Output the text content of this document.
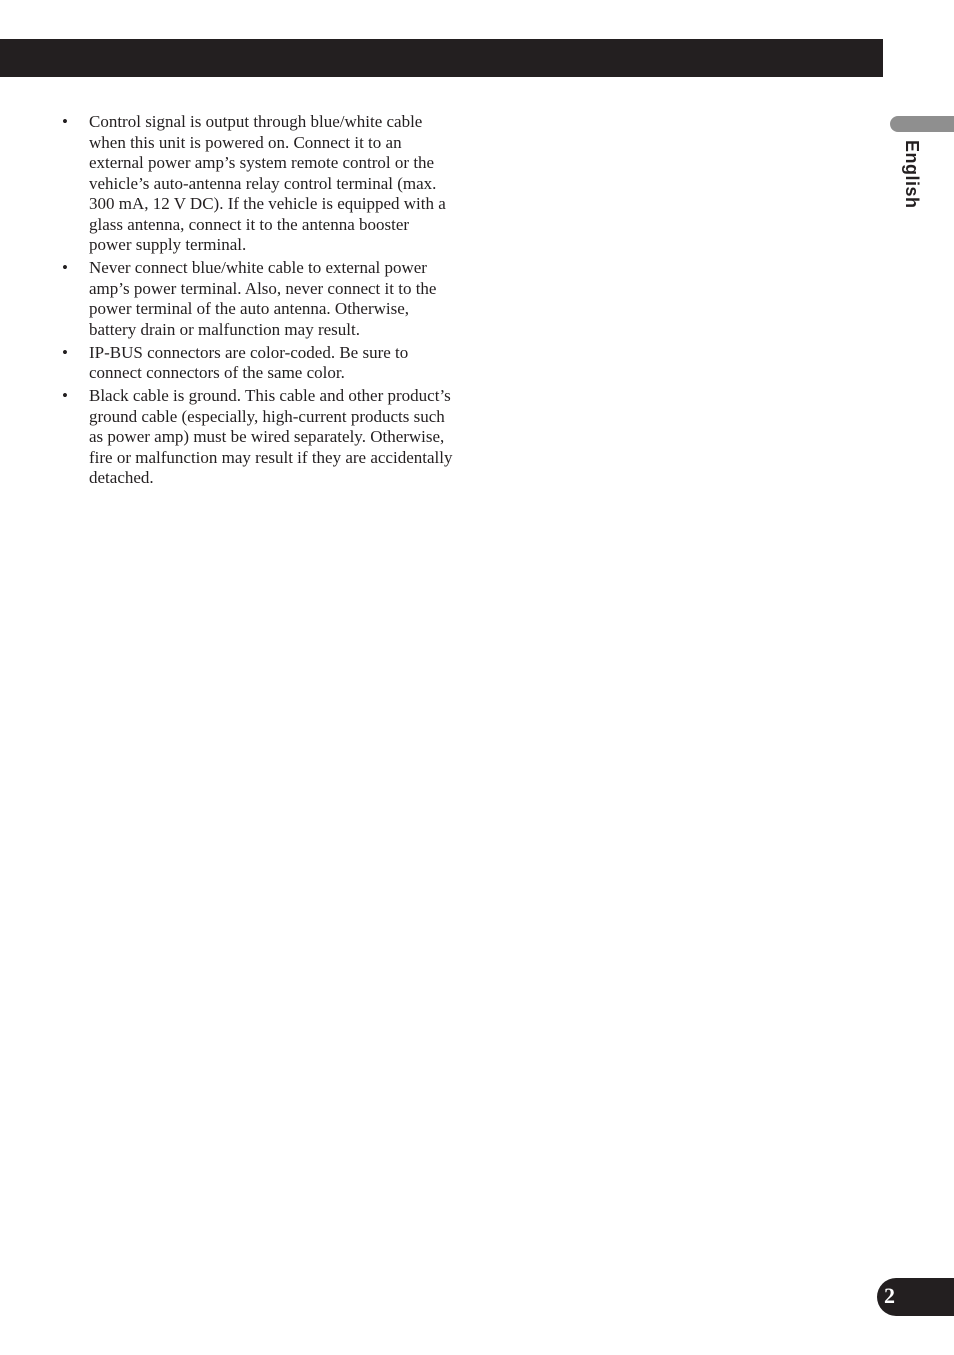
English
• Control signal is output through blue/white cable when this unit is powered on. Connect it to an external power amp’s system remote control or the vehicle’s auto-antenna relay control terminal (max. 300 mA, 12 V DC). If the vehicle is equipped with a glass antenna, connect it to the antenna booster power supply terminal.
• Never connect blue/white cable to external power amp’s power terminal. Also, never connect it to the power terminal of the auto antenna. Otherwise, battery drain or malfunction may result.
• IP-BUS connectors are color-coded. Be sure to connect connectors of the same color.
• Black cable is ground. This cable and other product’s ground cable (especially, high-current products such as power amp) must be wired separately. Otherwise, fire or malfunction may result if they are accidentally detached.
2
